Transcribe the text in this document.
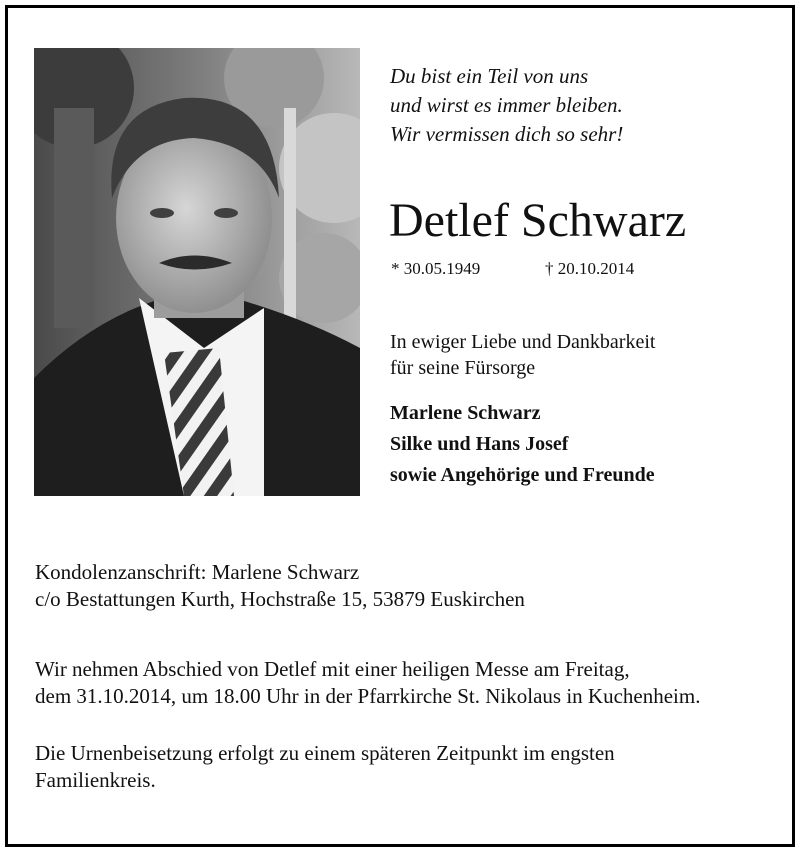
Du bist ein Teil von uns
und wirst es immer bleiben.
Wir vermissen dich so sehr!
Detlef Schwarz
* 30.05.1949	† 20.10.2014
In ewiger Liebe und Dankbarkeit
für seine Fürsorge
Marlene Schwarz
Silke und Hans Josef
sowie Angehörige und Freunde
Kondolenzanschrift: Marlene Schwarz
c/o Bestattungen Kurth, Hochstraße 15, 53879 Euskirchen
Wir nehmen Abschied von Detlef mit einer heiligen Messe am Freitag,
dem 31.10.2014, um 18.00 Uhr in der Pfarrkirche St. Nikolaus in Kuchenheim.
Die Urnenbeisetzung erfolgt zu einem späteren Zeitpunkt im engsten
Familienkreis.
